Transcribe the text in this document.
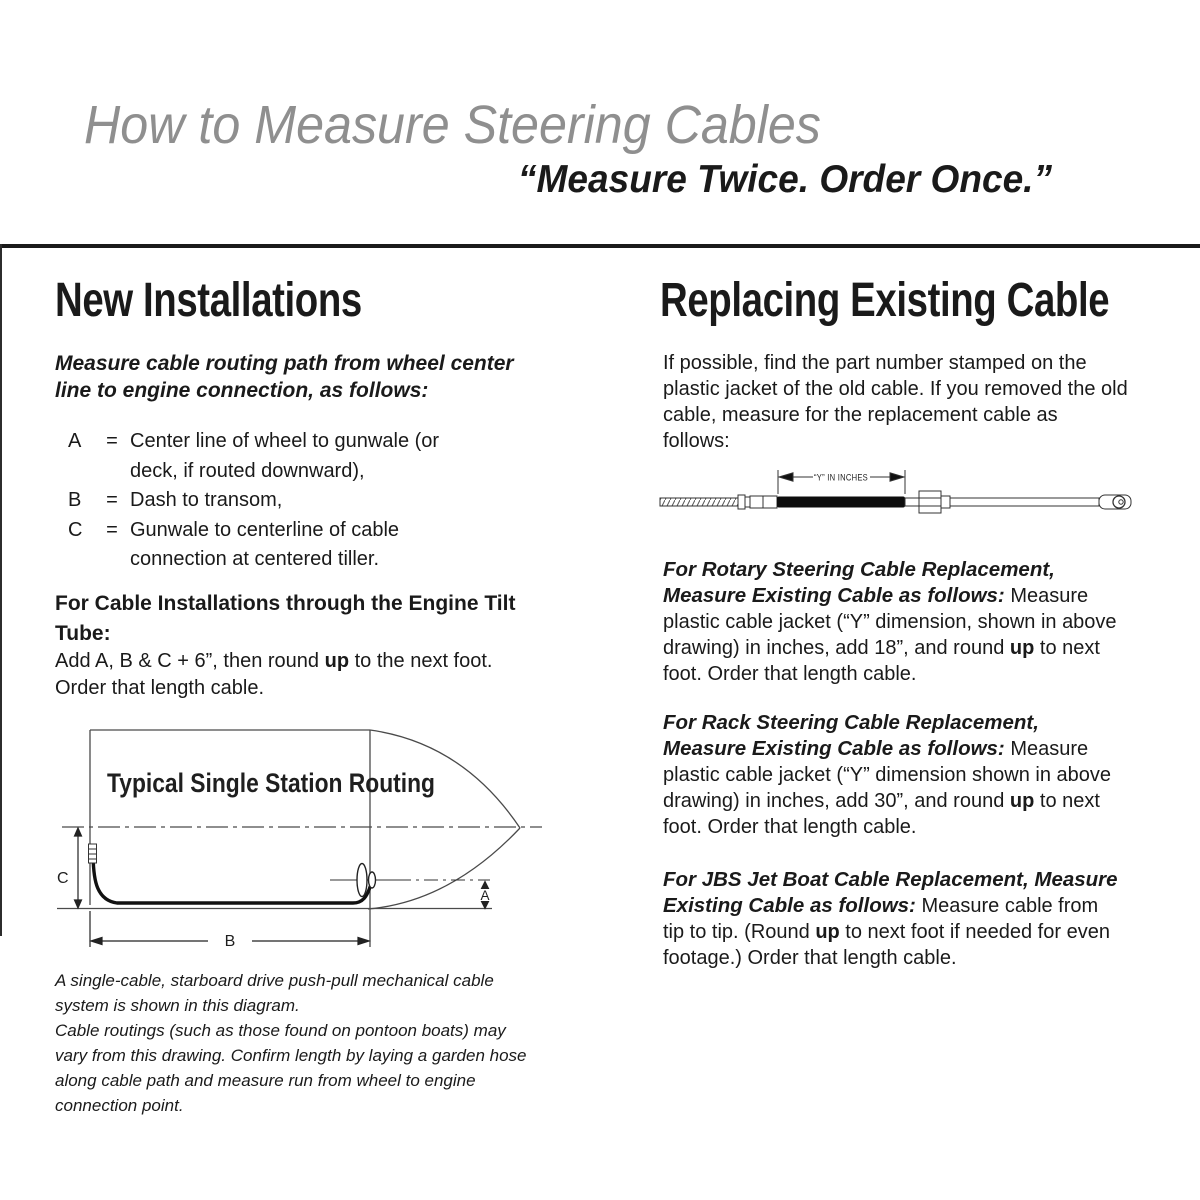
How to Measure Steering Cables
“Measure Twice. Order Once.”
New Installations
Measure cable routing path from wheel center line to engine connection, as follows:
A	= Center line of wheel to gunwale (or deck, if routed downward),
B	= Dash to transom,
C	= Gunwale to centerline of cable connection at centered tiller.
For Cable Installations through the Engine Tilt Tube:
Add A, B & C + 6”, then round up to the next foot. Order that length cable.
Typical Single Station Routing
C
B
A
A single-cable, starboard drive push-pull mechanical cable
system is shown in this diagram.
Cable routings (such as those found on pontoon boats) may
vary from this drawing. Confirm length by laying a garden hose
along cable path and measure run from wheel to engine
connection point.
Replacing Existing Cable
If possible, find the part number stamped on the plastic jacket of the old cable. If you removed the old cable, measure for the replacement cable as follows:
“Y” IN INCHES

For Rotary Steering Cable Replacement, Measure Existing Cable as follows: Measure plastic cable jacket (“Y” dimension, shown in above drawing) in inches, add 18”, and round up to next foot. Order that length cable.

For Rack Steering Cable Replacement, Measure Existing Cable as follows: Measure plastic cable jacket (“Y” dimension shown in above drawing) in inches, add 30”, and round up to next foot. Order that length cable.

For JBS Jet Boat Cable Replacement, Measure Existing Cable as follows: Measure cable from tip to tip. (Round up to next foot if needed for even footage.) Order that length cable.
